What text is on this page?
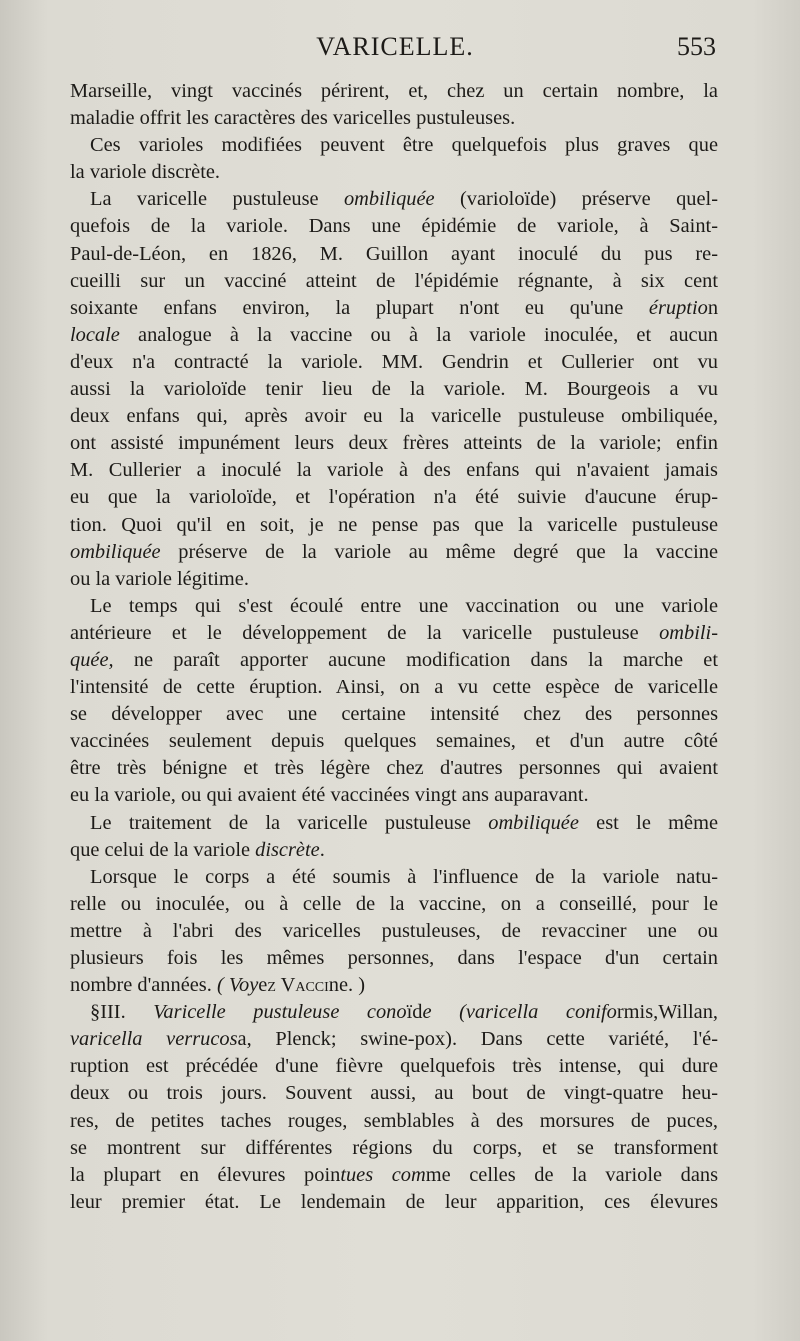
VARICELLE.	553

Marseille, vingt vaccinés périrent, et, chez un certain nombre, la
maladie offrit les caractères des varicelles pustuleuses.

Ces varioles modifiées peuvent être quelquefois plus graves que
la variole discrète.

La varicelle pustuleuse ombiliquée (varioloïde) préserve quel-
quefois de la variole. Dans une épidémie de variole, à Saint-
Paul-de-Léon, en 1826, M. Guillon ayant inoculé du pus re-
cueilli sur un vacciné atteint de l'épidémie régnante, à six cent
soixante enfans environ, la plupart n'ont eu qu'une éruption
locale analogue à la vaccine ou à la variole inoculée, et aucun
d'eux n'a contracté la variole. MM. Gendrin et Cullerier ont vu
aussi la varioloïde tenir lieu de la variole. M. Bourgeois a vu
deux enfans qui, après avoir eu la varicelle pustuleuse ombiliquée,
ont assisté impunément leurs deux frères atteints de la variole; enfin
M. Cullerier a inoculé la variole à des enfans qui n'avaient jamais
eu que la varioloïde, et l'opération n'a été suivie d'aucune érup-
tion. Quoi qu'il en soit, je ne pense pas que la varicelle pustuleuse
ombiliquée préserve de la variole au même degré que la vaccine
ou la variole légitime.

Le temps qui s'est écoulé entre une vaccination ou une variole
antérieure et le développement de la varicelle pustuleuse ombili-
quée, ne paraît apporter aucune modification dans la marche et
l'intensité de cette éruption. Ainsi, on a vu cette espèce de varicelle
se développer avec une certaine intensité chez des personnes
vaccinées seulement depuis quelques semaines, et d'un autre côté
être très bénigne et très légère chez d'autres personnes qui avaient
eu la variole, ou qui avaient été vaccinées vingt ans auparavant.

Le traitement de la varicelle pustuleuse ombiliquée est le même
que celui de la variole discrète.

Lorsque le corps a été soumis à l'influence de la variole natu-
relle ou inoculée, ou à celle de la vaccine, on a conseillé, pour le
mettre à l'abri des varicelles pustuleuses, de revacciner une ou
plusieurs fois les mêmes personnes, dans l'espace d'un certain
nombre d'années. ( Voyez Vaccine. )

§III. Varicelle pustuleuse conoïde (varicella coniformis,Willan,
varicella verrucosa, Plenck; swine-pox). Dans cette variété, l'é-
ruption est précédée d'une fièvre quelquefois très intense, qui dure
deux ou trois jours. Souvent aussi, au bout de vingt-quatre heu-
res, de petites taches rouges, semblables à des morsures de puces,
se montrent sur différentes régions du corps, et se transforment
la plupart en élevures pointues comme celles de la variole dans
leur premier état. Le lendemain de leur apparition, ces élevures
